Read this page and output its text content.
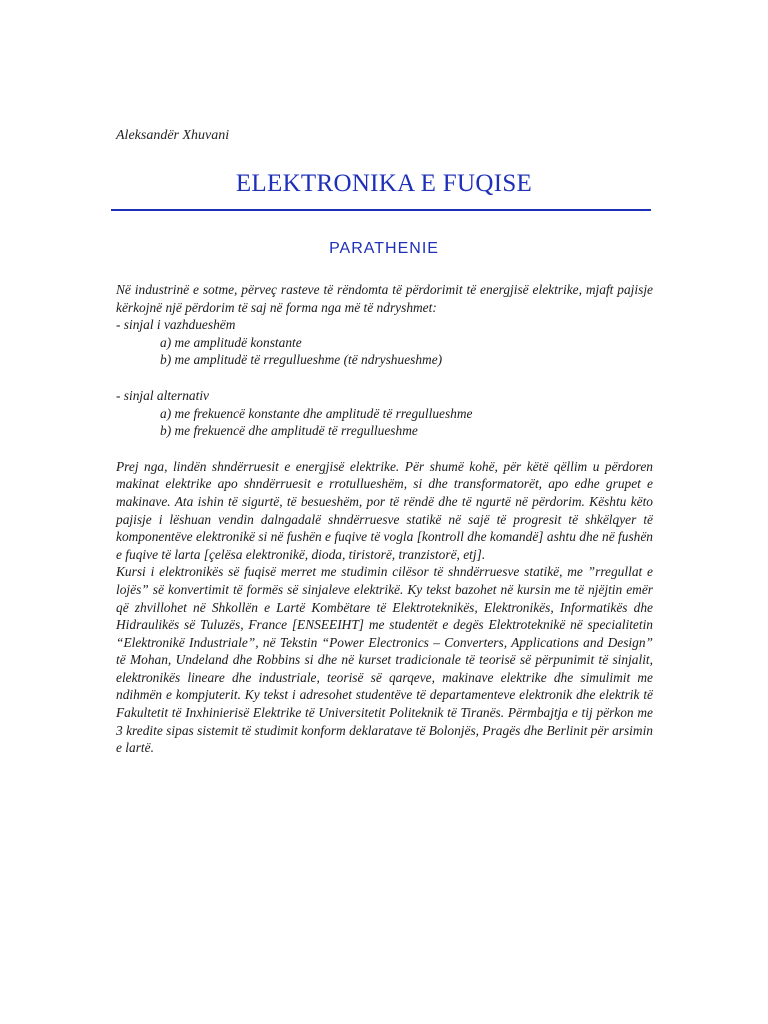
Aleksandër Xhuvani
ELEKTRONIKA E FUQISE
PARATHENIE
Në industrinë e sotme, përveç rasteve të rëndomta të përdorimit të energjisë elektrike, mjaft pajisje kërkojnë një përdorim të saj në forma nga më të ndryshmet:
- sinjal i vazhdueshëm
a) me amplitudë konstante
b) me amplitudë të rregullueshme (të ndryshueshme)
- sinjal alternativ
a) me frekuencë konstante dhe amplitudë të rregullueshme
b) me frekuencë dhe amplitudë të rregullueshme
Prej nga, lindën shndërruesit e energjisë elektrike. Për shumë kohë, për këtë qëllim u përdoren makinat elektrike apo shndërruesit e rrotullueshëm, si dhe transformatorët, apo edhe grupet e makinave. Ata ishin të sigurtë, të besueshëm, por të rëndë dhe të ngurtë në përdorim. Kështu këto pajisje i lëshuan vendin dalngadalë shndërruesve statikë në sajë të progresit të shkëlqyer të komponentëve elektronikë si në fushën e fuqive të vogla [kontroll dhe komandë] ashtu dhe në fushën e fuqive të larta [çelësa elektronikë, dioda, tiristorë, tranzistorë, etj].
Kursi i elektronikës së fuqisë merret me studimin cilësor të shndërruesve statikë, me ”rregullat e lojës” së konvertimit të formës së sinjaleve elektrikë. Ky tekst bazohet në kursin me të njëjtin emër që zhvillohet në Shkollën e Lartë Kombëtare të Elektroteknikës, Elektronikës, Informatikës dhe Hidraulikës së Tuluzës, France [ENSEEIHT] me studentët e degës Elektroteknikë në specialitetin “Elektronikë Industriale”, në Tekstin “Power Electronics – Converters, Applications and Design” të Mohan, Undeland dhe Robbins si dhe në kurset tradicionale të teorisë së përpunimit të sinjalit, elektronikës lineare dhe industriale, teorisë së qarqeve, makinave elektrike dhe simulimit me ndihmën e kompjuterit. Ky tekst i adresohet studentëve të departamenteve elektronik dhe elektrik të Fakultetit të Inxhinierisë Elektrike të Universitetit Politeknik të Tiranës. Përmbajtja e tij përkon me 3 kredite sipas sistemit të studimit konform deklaratave të Bolonjës, Pragës dhe Berlinit për arsimin e lartë.
